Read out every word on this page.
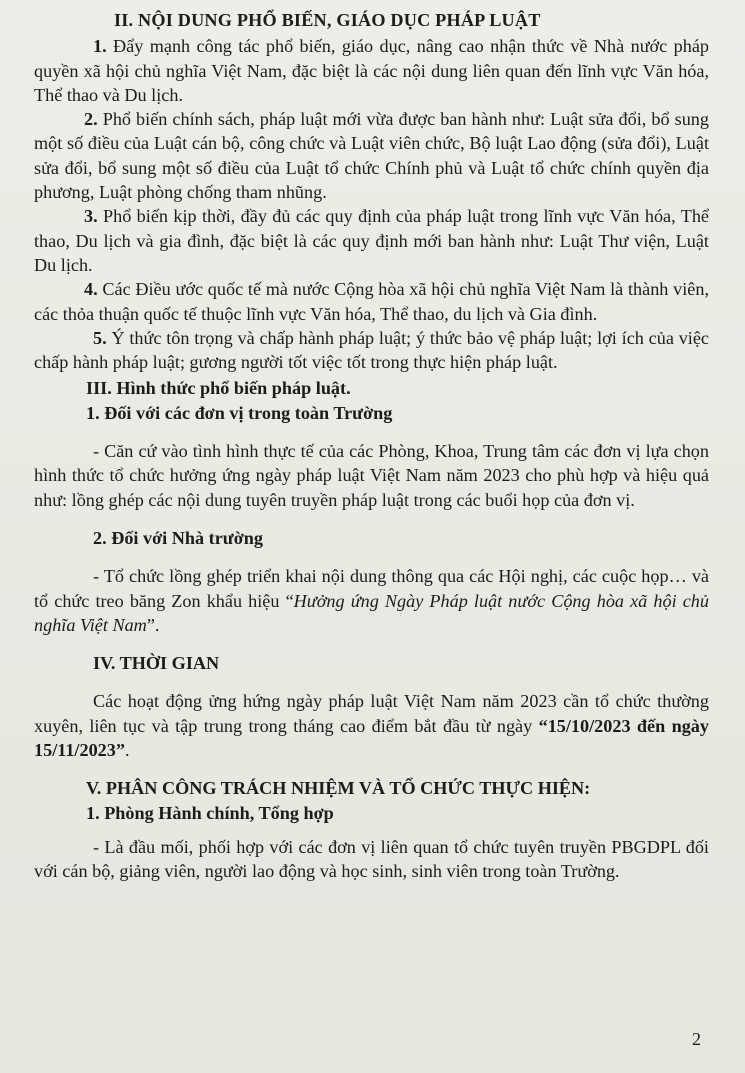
II. NỘI DUNG PHỔ BIẾN, GIÁO DỤC PHÁP LUẬT

1. Đẩy mạnh công tác phổ biến, giáo dục, nâng cao nhận thức về Nhà nước pháp quyền xã hội chủ nghĩa Việt Nam, đặc biệt là các nội dung liên quan đến lĩnh vực Văn hóa, Thể thao và Du lịch.

2. Phổ biến chính sách, pháp luật mới vừa được ban hành như: Luật sửa đổi, bổ sung một số điều của Luật cán bộ, công chức và Luật viên chức, Bộ luật Lao động (sửa đổi), Luật sửa đổi, bổ sung một số điều của Luật tổ chức Chính phủ và Luật tổ chức chính quyền địa phương, Luật phòng chống tham nhũng.

3. Phổ biến kịp thời, đầy đủ các quy định của pháp luật trong lĩnh vực Văn hóa, Thể thao, Du lịch và gia đình, đặc biệt là các quy định mới ban hành như: Luật Thư viện, Luật Du lịch.

4. Các Điều ước quốc tế mà nước Cộng hòa xã hội chủ nghĩa Việt Nam là thành viên, các thỏa thuận quốc tế thuộc lĩnh vực Văn hóa, Thể thao, du lịch và Gia đình.

5. Ý thức tôn trọng và chấp hành pháp luật; ý thức bảo vệ pháp luật; lợi ích của việc chấp hành pháp luật; gương người tốt việc tốt trong thực hiện pháp luật.

III. Hình thức phổ biến pháp luật.

1. Đối với các đơn vị trong toàn Trường

- Căn cứ vào tình hình thực tế của các Phòng, Khoa, Trung tâm các đơn vị lựa chọn hình thức tổ chức hưởng ứng ngày pháp luật Việt Nam năm 2023 cho phù hợp và hiệu quả như: lồng ghép các nội dung tuyên truyền pháp luật trong các buổi họp của đơn vị.

2. Đối với Nhà trường

- Tổ chức lồng ghép triển khai nội dung thông qua các Hội nghị, các cuộc họp… và tổ chức treo băng Zon khẩu hiệu “Hưởng ứng Ngày Pháp luật nước Cộng hòa xã hội chủ nghĩa Việt Nam”.

IV. THỜI GIAN

Các hoạt động ửng hứng ngày pháp luật Việt Nam năm 2023 cần tổ chức thường xuyên, liên tục và tập trung trong tháng cao điểm bắt đầu từ ngày “15/10/2023 đến ngày 15/11/2023”.

V. PHÂN CÔNG TRÁCH NHIỆM VÀ TỔ CHỨC THỰC HIỆN:

1. Phòng Hành chính, Tổng hợp

- Là đầu mối, phối hợp với các đơn vị liên quan tổ chức tuyên truyền PBGDPL đối với cán bộ, giảng viên, người lao động và học sinh, sinh viên trong toàn Trường.

2
